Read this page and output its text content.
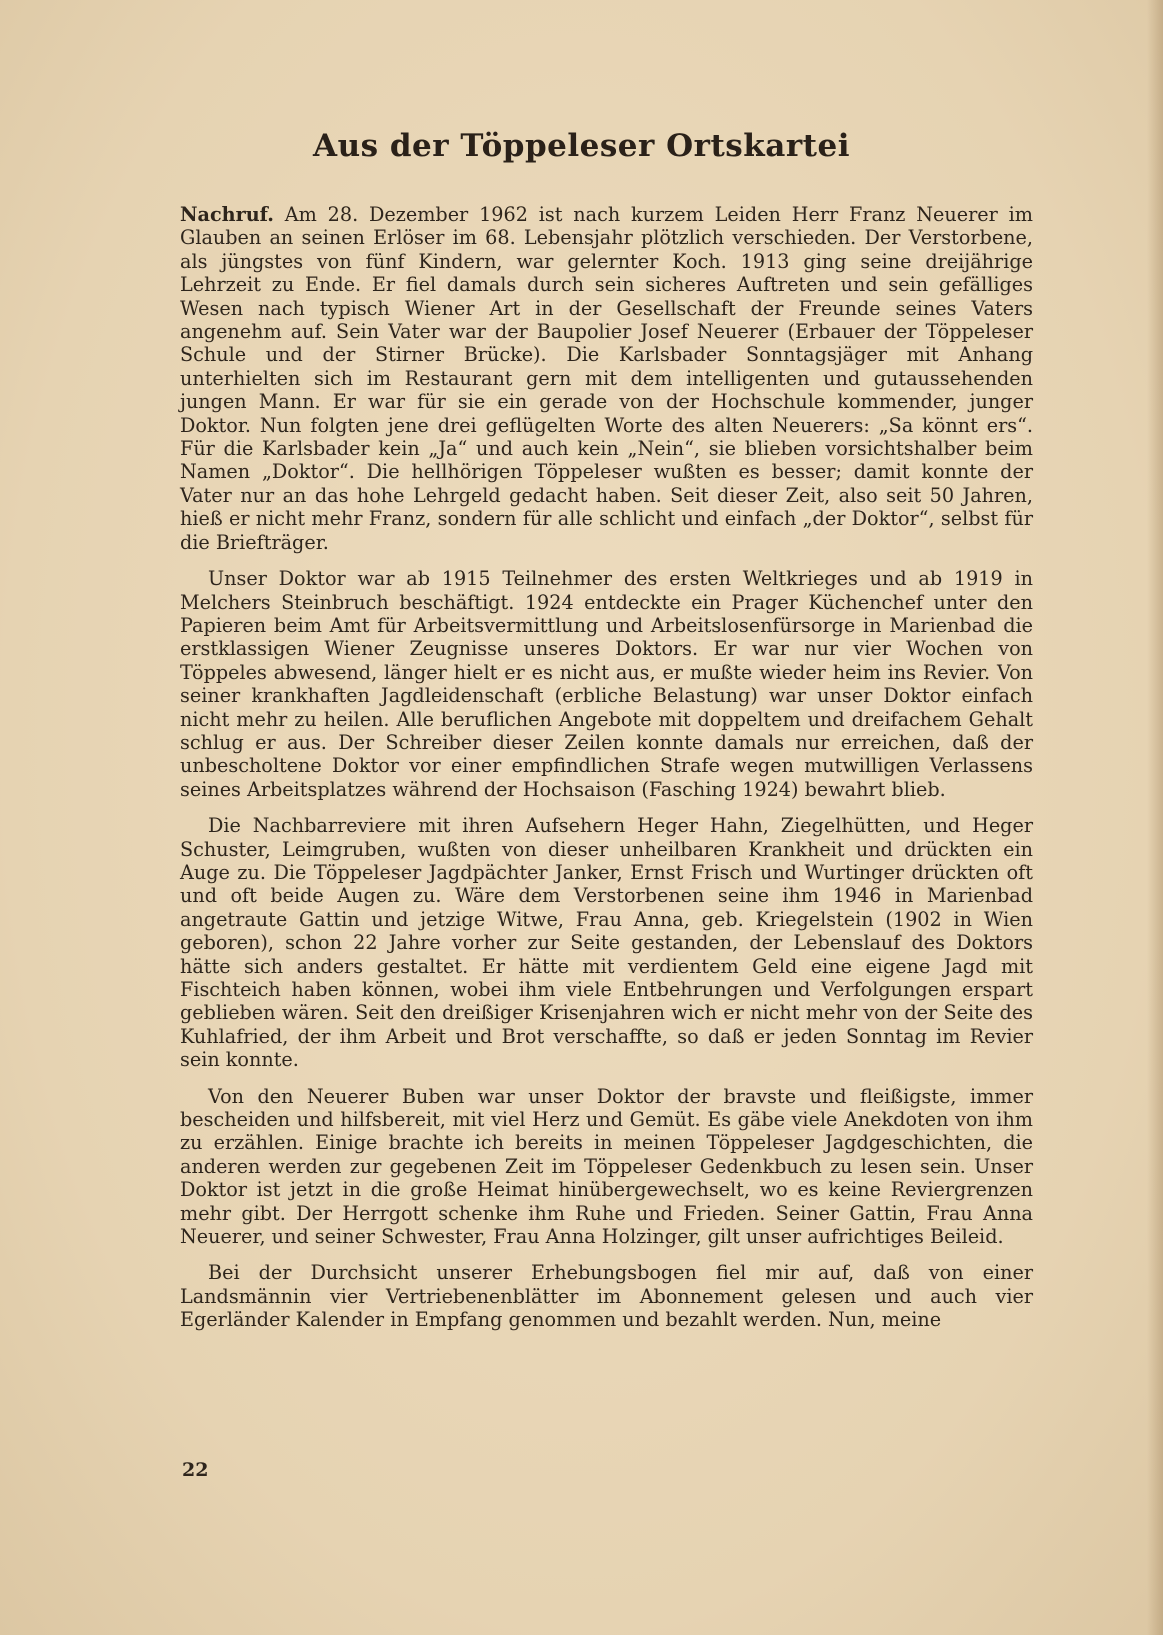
Aus der Töppeleser Ortskartei

Nachruf. Am 28. Dezember 1962 ist nach kurzem Leiden Herr Franz Neuerer im Glauben an seinen Erlöser im 68. Lebensjahr plötzlich verschieden. Der Verstorbene, als jüngstes von fünf Kindern, war gelernter Koch. 1913 ging seine dreijährige Lehrzeit zu Ende. Er fiel damals durch sein sicheres Auftreten und sein gefälliges Wesen nach typisch Wiener Art in der Gesellschaft der Freunde seines Vaters angenehm auf. Sein Vater war der Baupolier Josef Neuerer (Erbauer der Töppeleser Schule und der Stirner Brücke). Die Karlsbader Sonntagsjäger mit Anhang unterhielten sich im Restaurant gern mit dem intelligenten und gutaussehenden jungen Mann. Er war für sie ein gerade von der Hochschule kommender, junger Doktor. Nun folgten jene drei geflügelten Worte des alten Neuerers: „Sa könnt ers“. Für die Karlsbader kein „Ja“ und auch kein „Nein“, sie blieben vorsichtshalber beim Namen „Doktor“. Die hellhörigen Töppeleser wußten es besser; damit konnte der Vater nur an das hohe Lehrgeld gedacht haben. Seit dieser Zeit, also seit 50 Jahren, hieß er nicht mehr Franz, sondern für alle schlicht und einfach „der Doktor“, selbst für die Briefträger.

Unser Doktor war ab 1915 Teilnehmer des ersten Weltkrieges und ab 1919 in Melchers Steinbruch beschäftigt. 1924 entdeckte ein Prager Küchenchef unter den Papieren beim Amt für Arbeitsvermittlung und Arbeitslosenfürsorge in Marienbad die erstklassigen Wiener Zeugnisse unseres Doktors. Er war nur vier Wochen von Töppeles abwesend, länger hielt er es nicht aus, er mußte wieder heim ins Revier. Von seiner krankhaften Jagdleidenschaft (erbliche Belastung) war unser Doktor einfach nicht mehr zu heilen. Alle beruflichen Angebote mit doppeltem und dreifachem Gehalt schlug er aus. Der Schreiber dieser Zeilen konnte damals nur erreichen, daß der unbescholtene Doktor vor einer empfindlichen Strafe wegen mutwilligen Verlassens seines Arbeitsplatzes während der Hochsaison (Fasching 1924) bewahrt blieb.

Die Nachbarreviere mit ihren Aufsehern Heger Hahn, Ziegelhütten, und Heger Schuster, Leimgruben, wußten von dieser unheilbaren Krankheit und drückten ein Auge zu. Die Töppeleser Jagdpächter Janker, Ernst Frisch und Wurtinger drückten oft und oft beide Augen zu. Wäre dem Verstorbenen seine ihm 1946 in Marienbad angetraute Gattin und jetzige Witwe, Frau Anna, geb. Kriegelstein (1902 in Wien geboren), schon 22 Jahre vorher zur Seite gestanden, der Lebenslauf des Doktors hätte sich anders gestaltet. Er hätte mit verdientem Geld eine eigene Jagd mit Fischteich haben können, wobei ihm viele Entbehrungen und Verfolgungen erspart geblieben wären. Seit den dreißiger Krisenjahren wich er nicht mehr von der Seite des Kuhlafried, der ihm Arbeit und Brot verschaffte, so daß er jeden Sonntag im Revier sein konnte.

Von den Neuerer Buben war unser Doktor der bravste und fleißigste, immer bescheiden und hilfsbereit, mit viel Herz und Gemüt. Es gäbe viele Anekdoten von ihm zu erzählen. Einige brachte ich bereits in meinen Töppeleser Jagdgeschichten, die anderen werden zur gegebenen Zeit im Töppeleser Gedenkbuch zu lesen sein. Unser Doktor ist jetzt in die große Heimat hinübergewechselt, wo es keine Reviergrenzen mehr gibt. Der Herrgott schenke ihm Ruhe und Frieden. Seiner Gattin, Frau Anna Neuerer, und seiner Schwester, Frau Anna Holzinger, gilt unser aufrichtiges Beileid.

Bei der Durchsicht unserer Erhebungsbogen fiel mir auf, daß von einer Landsmännin vier Vertriebenenblätter im Abonnement gelesen und auch vier Egerländer Kalender in Empfang genommen und bezahlt werden. Nun, meine

22
